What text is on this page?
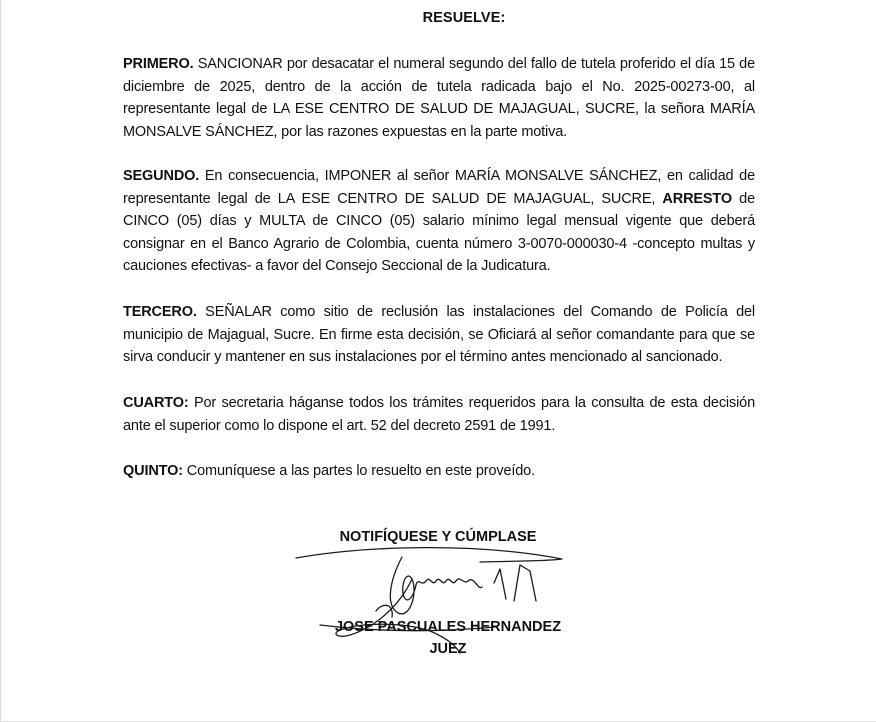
RESUELVE:

PRIMERO. SANCIONAR por desacatar el numeral segundo del fallo de tutela proferido el día 15 de diciembre de 2025, dentro de la acción de tutela radicada bajo el No. 2025-00273-00, al representante legal de LA ESE CENTRO DE SALUD DE MAJAGUAL, SUCRE, la señora MARÍA MONSALVE SÁNCHEZ, por las razones expuestas en la parte motiva.

SEGUNDO. En consecuencia, IMPONER al señor MARÍA MONSALVE SÁNCHEZ, en calidad de representante legal de LA ESE CENTRO DE SALUD DE MAJAGUAL, SUCRE, ARRESTO de CINCO (05) días y MULTA de CINCO (05) salario mínimo legal mensual vigente que deberá consignar en el Banco Agrario de Colombia, cuenta número 3-0070-000030-4 -concepto multas y cauciones efectivas- a favor del Consejo Seccional de la Judicatura.

TERCERO. SEÑALAR como sitio de reclusión las instalaciones del Comando de Policía del municipio de Majagual, Sucre. En firme esta decisión, se Oficiará al señor comandante para que se sirva conducir y mantener en sus instalaciones por el término antes mencionado al sancionado.

CUARTO: Por secretaria háganse todos los trámites requeridos para la consulta de esta decisión ante el superior como lo dispone el art. 52 del decreto 2591 de 1991.

QUINTO: Comuníquese a las partes lo resuelto en este proveído.

NOTIFÍQUESE Y CÚMPLASE
JOSE PASCUALES HERNANDEZ
JUEZ
